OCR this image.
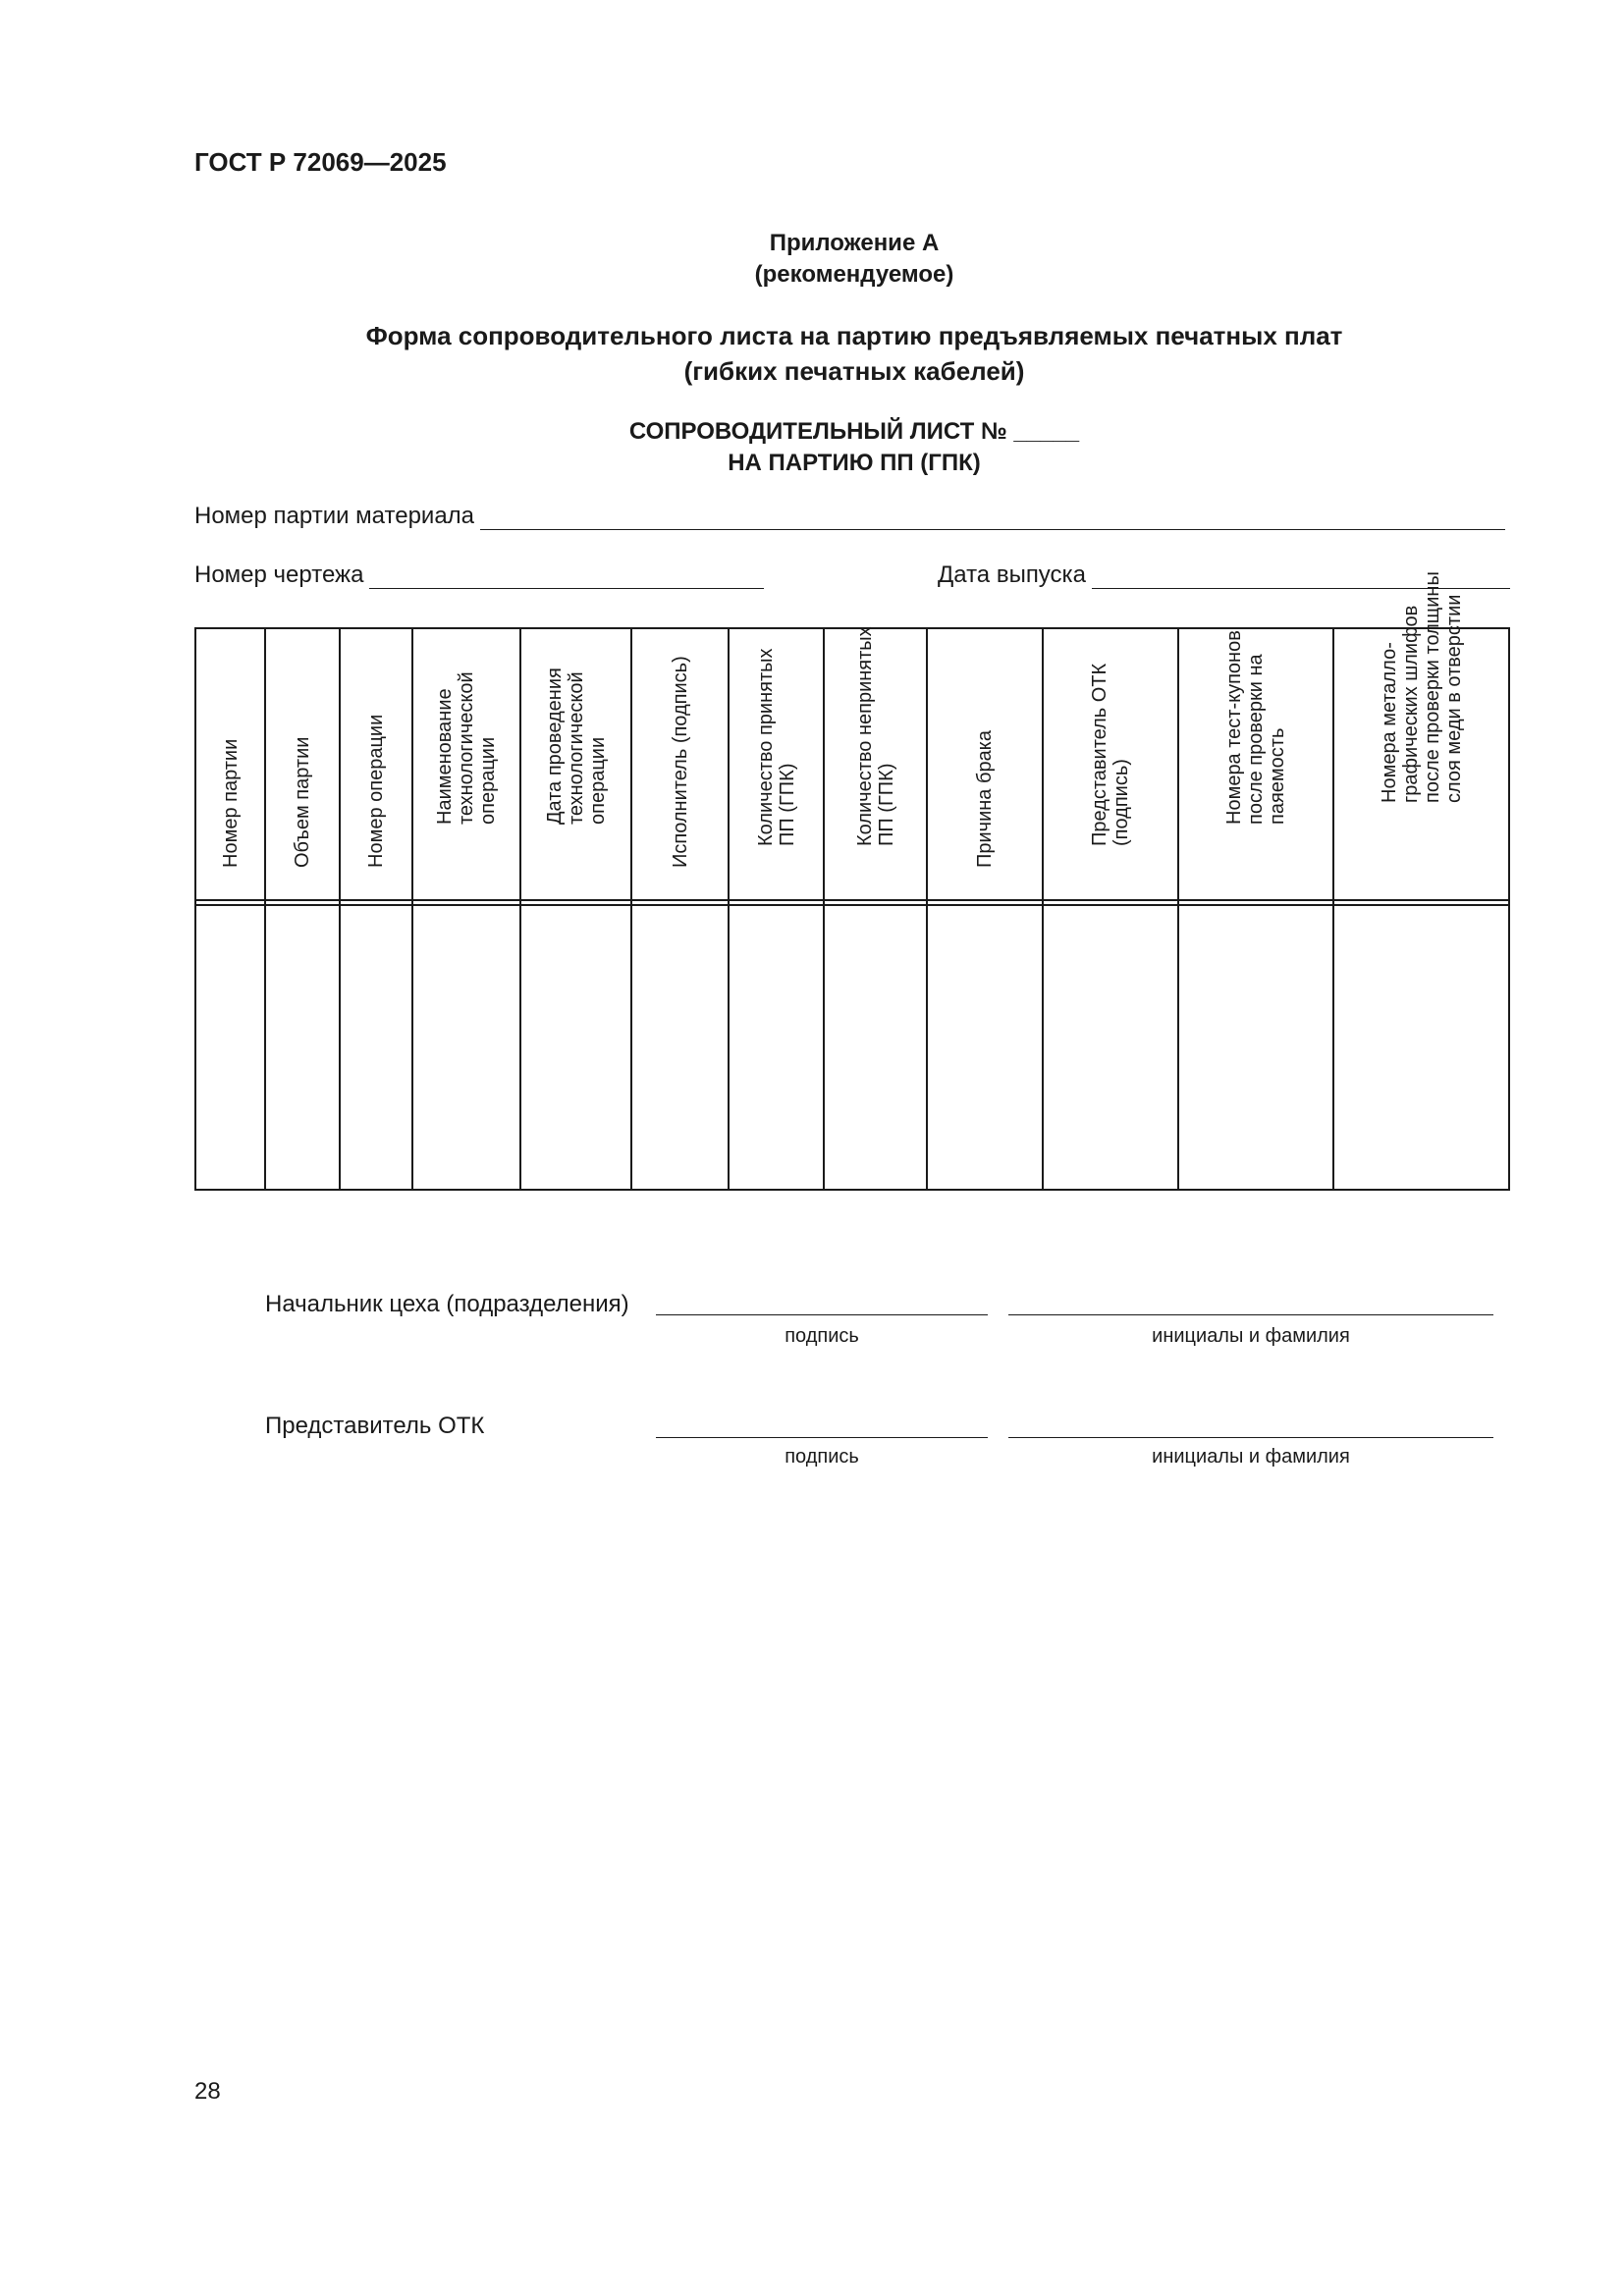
ГОСТ Р 72069—2025
Приложение А
(рекомендуемое)
Форма сопроводительного листа на партию предъявляемых печатных плат
(гибких печатных кабелей)
СОПРОВОДИТЕЛЬНЫЙ ЛИСТ № _____
НА ПАРТИЮ ПП (ГПК)
Номер партии материала
Номер чертежа	Дата выпуска
Номер партии	Объем партии	Номер операции	Наименование технологической операции	Дата проведения технологической операции	Исполнитель (подпись)	Количество принятых ПП (ГПК)	Количество непринятых ПП (ГПК)	Причина брака	Представитель ОТК (подпись)	Номера тест-купонов после проверки на паяемость	Номера металло-графических шлифов после проверки толщины слоя меди в отверстии

Начальник цеха (подразделения)
подпись	инициалы и фамилия
Представитель ОТК
подпись	инициалы и фамилия
28
